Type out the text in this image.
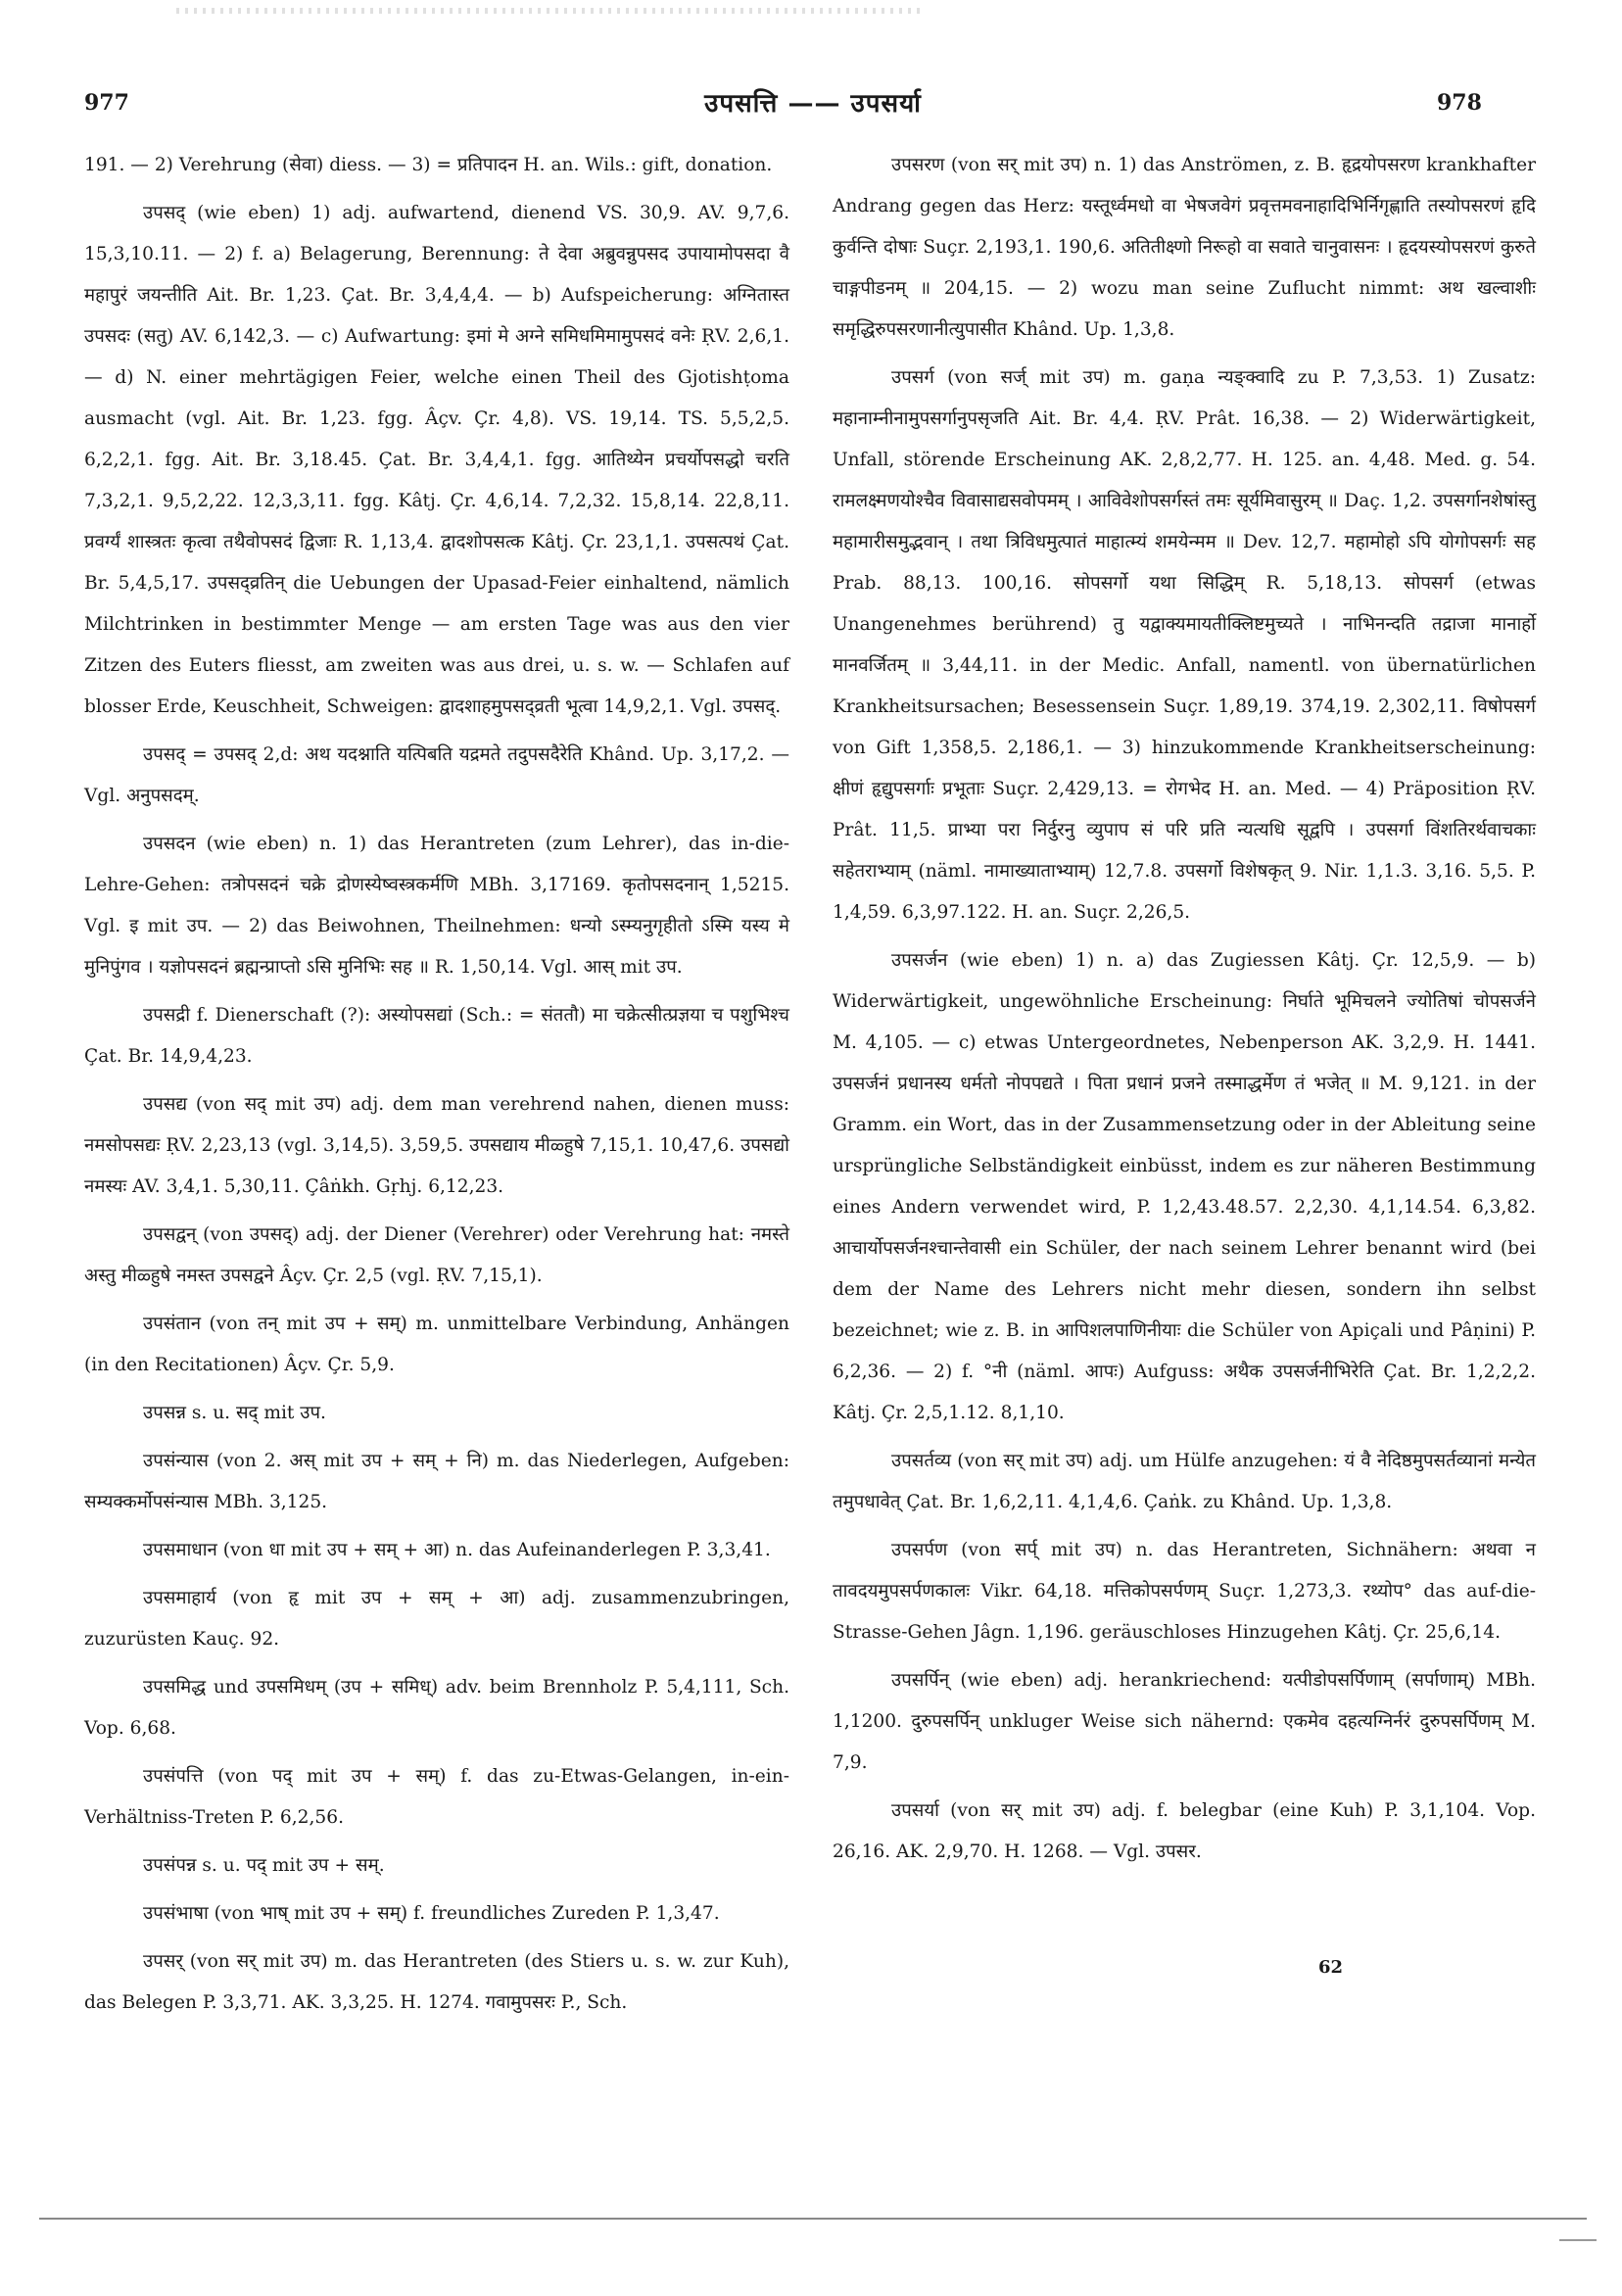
977	उपसत्ति —— उपसर्या	978

191. — 2) Verehrung (सेवा) diess. — 3) = प्रतिपादन H. an. Wils.: gift, donation.

उपसद् (wie eben) 1) adj. aufwartend, dienend VS. 30,9. AV. 9,7,6. 15,3,10.11. — 2) f. a) Belagerung, Berennung: ते देवा अब्रुवन्नुपसद उपायामोपसदा वै महापुरं जयन्तीति Ait. Br. 1,23. Çat. Br. 3,4,4,4. — b) Aufspeicherung: अग्नितास्त उपसदः (सतु) AV. 6,142,3. — c) Aufwartung: इमां मे अग्ने समिधमिमामुपसदं वनेः ṚV. 2,6,1. — d) N. einer mehrtägigen Feier, welche einen Theil des Gjotishṭoma ausmacht (vgl. Ait. Br. 1,23. fgg. Âçv. Çr. 4,8). VS. 19,14. TS. 5,5,2,5. 6,2,2,1. fgg. Ait. Br. 3,18.45. Çat. Br. 3,4,4,1. fgg. आतिथ्येन प्रचर्योपसद्धो चरति 7,3,2,1. 9,5,2,22. 12,3,3,11. fgg. Kâtj. Çr. 4,6,14. 7,2,32. 15,8,14. 22,8,11. प्रवर्ग्यं शास्त्रतः कृत्वा तथैवोपसदं द्विजाः R. 1,13,4. द्वादशोपसत्क Kâtj. Çr. 23,1,1. उपसत्पथं Çat. Br. 5,4,5,17. उपसद्व्रतिन् die Uebungen der Upasad-Feier einhaltend, nämlich Milchtrinken in bestimmter Menge — am ersten Tage was aus den vier Zitzen des Euters fliesst, am zweiten was aus drei, u. s. w. — Schlafen auf blosser Erde, Keuschheit, Schweigen: द्वादशाहमुपसद्व्रती भूत्वा 14,9,2,1. Vgl. उपसद्.

उपसद् = उपसद् 2,d: अथ यदश्नाति यत्पिबति यद्रमते तदुपसदैरेति Khând. Up. 3,17,2. — Vgl. अनुपसदम्.

उपसदन (wie eben) n. 1) das Herantreten (zum Lehrer), das in-die-Lehre-Gehen: तत्रोपसदनं चक्रे द्रोणस्येष्वस्त्रकर्मणि MBh. 3,17169. कृतोपसदनान् 1,5215. Vgl. इ mit उप. — 2) das Beiwohnen, Theilnehmen: धन्यो ऽस्म्यनुगृहीतो ऽस्मि यस्य मे मुनिपुंगव । यज्ञोपसदनं ब्रह्मन्प्राप्तो ऽसि मुनिभिः सह ॥ R. 1,50,14. Vgl. आस् mit उप.

उपसद्री f. Dienerschaft (?): अस्योपसद्यां (Sch.: = संततौ) मा चक्रेत्सीत्प्रज्ञया च पशुभिश्च Çat. Br. 14,9,4,23.

उपसद्य (von सद् mit उप) adj. dem man verehrend nahen, dienen muss: नमसोपसद्यः ṚV. 2,23,13 (vgl. 3,14,5). 3,59,5. उपसद्याय मीळ्हुषे 7,15,1. 10,47,6. उपसद्यो नमस्यः AV. 3,4,1. 5,30,11. Çâṅkh. Gṛhj. 6,12,23.

उपसद्वन् (von उपसद्) adj. der Diener (Verehrer) oder Verehrung hat: नमस्ते अस्तु मीळ्हुषे नमस्त उपसद्वने Âçv. Çr. 2,5 (vgl. ṚV. 7,15,1).

उपसंतान (von तन् mit उप + सम्) m. unmittelbare Verbindung, Anhängen (in den Recitationen) Âçv. Çr. 5,9.

उपसन्न s. u. सद् mit उप.

उपसंन्यास (von 2. अस् mit उप + सम् + नि) m. das Niederlegen, Aufgeben: सम्यक्कर्मोपसंन्यास MBh. 3,125.

उपसमाधान (von धा mit उप + सम् + आ) n. das Aufeinanderlegen P. 3,3,41.

उपसमाहार्य (von हृ mit उप + सम् + आ) adj. zusammenzubringen, zuzurüsten Kauç. 92.

उपसमिद्ध und उपसमिधम् (उप + समिध्) adv. beim Brennholz P. 5,4,111, Sch. Vop. 6,68.

उपसंपत्ति (von पद् mit उप + सम्) f. das zu-Etwas-Gelangen, in-ein-Verhältniss-Treten P. 6,2,56.

उपसंपन्न s. u. पद् mit उप + सम्.

उपसंभाषा (von भाष् mit उप + सम्) f. freundliches Zureden P. 1,3,47.

उपसर् (von सर् mit उप) m. das Herantreten (des Stiers u. s. w. zur Kuh), das Belegen P. 3,3,71. AK. 3,3,25. H. 1274. गवामुपसरः P., Sch.

उपसरण (von सर् mit उप) n. 1) das Anströmen, z. B. हृद्रयोपसरण krankhafter Andrang gegen das Herz: यस्तूर्ध्वमधो वा भेषजवेगं प्रवृत्तमवनाहादिभिर्निगृह्णाति तस्योपसरणं हृदि कुर्वन्ति दोषाः Suçr. 2,193,1. 190,6. अतितीक्ष्णो निरूहो वा सवाते चानुवासनः । हृदयस्योपसरणं कुरुते चाङ्गपीडनम् ॥ 204,15. — 2) wozu man seine Zuflucht nimmt: अथ खल्वाशीः समृद्धिरुपसरणानीत्युपासीत Khând. Up. 1,3,8.

उपसर्ग (von सर्ज् mit उप) m. gaṇa न्यङ्क्वादि zu P. 7,3,53. 1) Zusatz: महानाम्नीनामुपसर्गानुपसृजति Ait. Br. 4,4. ṚV. Prât. 16,38. — 2) Widerwärtigkeit, Unfall, störende Erscheinung AK. 2,8,2,77. H. 125. an. 4,48. Med. g. 54. रामलक्ष्मणयोश्चैव विवासाद्यसवोपमम् । आविवेशोपसर्गस्तं तमः सूर्यमिवासुरम् ॥ Daç. 1,2. उपसर्गानशेषांस्तु महामारीसमुद्भवान् । तथा त्रिविधमुत्पातं माहात्म्यं शमयेन्मम ॥ Dev. 12,7. महामोहो ऽपि योगोपसर्गः सह Prab. 88,13. 100,16. सोपसर्गो यथा सिद्धिम् R. 5,18,13. सोपसर्ग (etwas Unangenehmes berührend) तु यद्वाक्यमायतीक्लिष्टमुच्यते । नाभिनन्दति तद्राजा मानार्हो मानवर्जितम् ॥ 3,44,11. in der Medic. Anfall, namentl. von übernatürlichen Krankheitsursachen; Besessensein Suçr. 1,89,19. 374,19. 2,302,11. विषोपसर्ग von Gift 1,358,5. 2,186,1. — 3) hinzukommende Krankheitserscheinung: क्षीणं हृद्युपसर्गाः प्रभूताः Suçr. 2,429,13. = रोगभेद H. an. Med. — 4) Präposition ṚV. Prât. 11,5. प्राभ्या परा निर्दुरनु व्युपाप सं परि प्रति न्यत्यधि सूद्वपि । उपसर्गा विंशतिरर्थवाचकाः सहेतराभ्याम् (näml. नामाख्याताभ्याम्) 12,7.8. उपसर्गो विशेषकृत् 9. Nir. 1,1.3. 3,16. 5,5. P. 1,4,59. 6,3,97.122. H. an. Suçr. 2,26,5.

उपसर्जन (wie eben) 1) n. a) das Zugiessen Kâtj. Çr. 12,5,9. — b) Widerwärtigkeit, ungewöhnliche Erscheinung: निर्घाते भूमिचलने ज्योतिषां चोपसर्जने M. 4,105. — c) etwas Untergeordnetes, Nebenperson AK. 3,2,9. H. 1441. उपसर्जनं प्रधानस्य धर्मतो नोपपद्यते । पिता प्रधानं प्रजने तस्माद्धर्मेण तं भजेत् ॥ M. 9,121. in der Gramm. ein Wort, das in der Zusammensetzung oder in der Ableitung seine ursprüngliche Selbständigkeit einbüsst, indem es zur näheren Bestimmung eines Andern verwendet wird, P. 1,2,43.48.57. 2,2,30. 4,1,14.54. 6,3,82. आचार्योपसर्जनश्चान्तेवासी ein Schüler, der nach seinem Lehrer benannt wird (bei dem der Name des Lehrers nicht mehr diesen, sondern ihn selbst bezeichnet; wie z. B. in आपिशलपाणिनीयाः die Schüler von Apiçali und Pâṇini) P. 6,2,36. — 2) f. °नी (näml. आपः) Aufguss: अथैक उपसर्जनीभिरेति Çat. Br. 1,2,2,2. Kâtj. Çr. 2,5,1.12. 8,1,10.

उपसर्तव्य (von सर् mit उप) adj. um Hülfe anzugehen: यं वै नेदिष्ठमुपसर्तव्यानां मन्येत तमुपधावेत् Çat. Br. 1,6,2,11. 4,1,4,6. Çaṅk. zu Khând. Up. 1,3,8.

उपसर्पण (von सर्प् mit उप) n. das Herantreten, Sichnähern: अथवा न तावदयमुपसर्पणकालः Vikr. 64,18. मत्तिकोपसर्पणम् Suçr. 1,273,3. रथ्योप° das auf-die-Strasse-Gehen Jâgn. 1,196. geräuschloses Hinzugehen Kâtj. Çr. 25,6,14.

उपसर्पिन् (wie eben) adj. herankriechend: यत्पीडोपसर्पिणाम् (सर्पाणाम्) MBh. 1,1200. दुरुपसर्पिन् unkluger Weise sich nähernd: एकमेव दहत्यग्निर्नरं दुरुपसर्पिणम् M. 7,9.

उपसर्या (von सर् mit उप) adj. f. belegbar (eine Kuh) P. 3,1,104. Vop. 26,16. AK. 2,9,70. H. 1268. — Vgl. उपसर.

62
